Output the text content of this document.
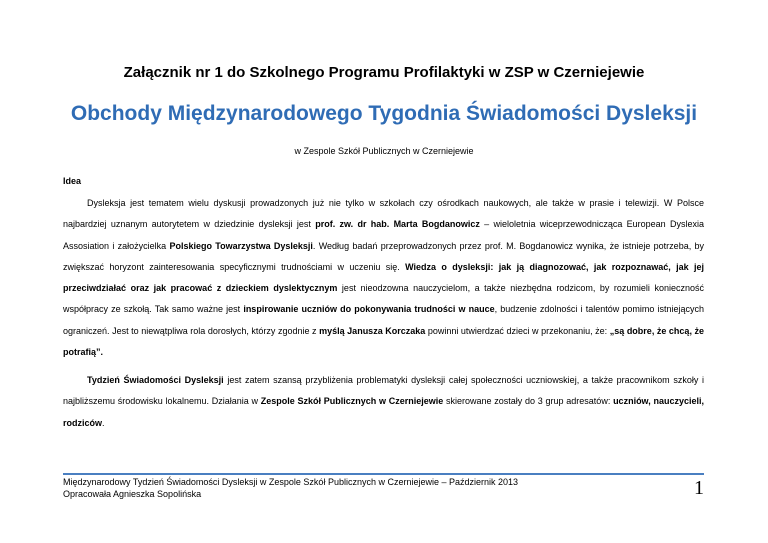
Załącznik nr 1 do Szkolnego Programu Profilaktyki w ZSP w Czerniejewie
Obchody Międzynarodowego Tygodnia Świadomości Dysleksji
w Zespole Szkół Publicznych w Czerniejewie
Idea
Dysleksja jest tematem wielu dyskusji prowadzonych już nie tylko w szkołach czy ośrodkach naukowych, ale także w prasie i telewizji. W Polsce najbardziej uznanym autorytetem w dziedzinie dysleksji jest prof. zw. dr hab. Marta Bogdanowicz – wieloletnia wiceprzewodnicząca European Dyslexia Assosiation i założycielka Polskiego Towarzystwa Dysleksji. Według badań przeprowadzonych przez prof. M. Bogdanowicz wynika, że istnieje potrzeba, by zwiększać horyzont zainteresowania specyficznymi trudnościami w uczeniu się. Wiedza o dysleksji: jak ją diagnozować, jak rozpoznawać, jak jej przeciwdziałać oraz jak pracować z dzieckiem dyslektycznym jest nieodzowna nauczycielom, a także niezbędna rodzicom, by rozumieli konieczność współpracy ze szkołą. Tak samo ważne jest inspirowanie uczniów do pokonywania trudności w nauce, budzenie zdolności i talentów pomimo istniejących ograniczeń. Jest to niewątpliwa rola dorosłych, którzy zgodnie z myślą Janusza Korczaka powinni utwierdzać dzieci w przekonaniu, że: „są dobre, że chcą, że potrafią”.
Tydzień Świadomości Dysleksji jest zatem szansą przybliżenia problematyki dysleksji całej społeczności uczniowskiej, a także pracownikom szkoły i najbliższemu środowisku lokalnemu. Działania w Zespole Szkół Publicznych w Czerniejewie skierowane zostały do 3 grup adresatów: uczniów, nauczycieli, rodziców.
Międzynarodowy Tydzień Świadomości Dysleksji w Zespole Szkół Publicznych w Czerniejewie – Październik 2013
Opracowała Agnieszka Sopolińska	1
